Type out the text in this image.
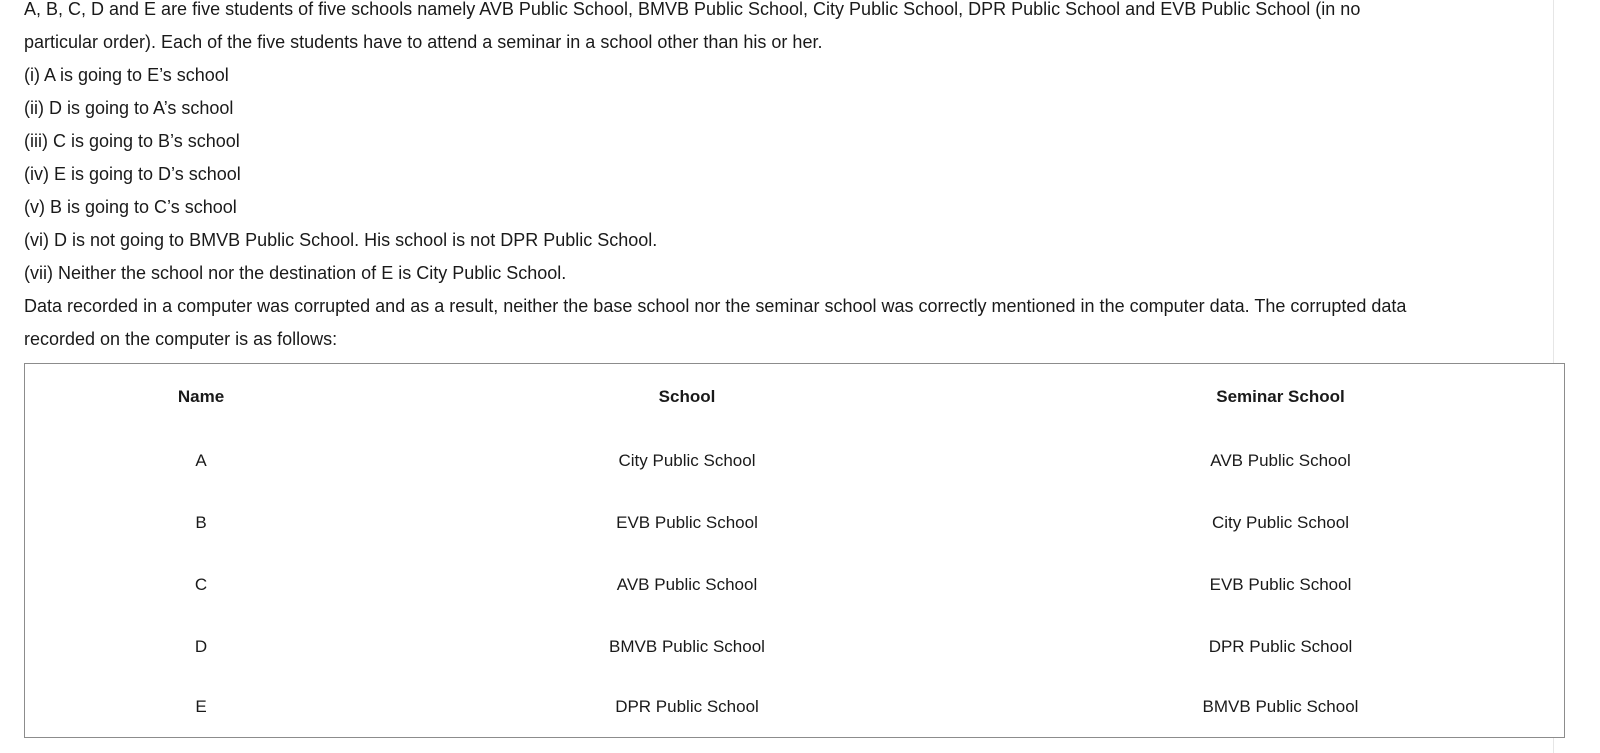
A, B, C, D and E are five students of five schools namely AVB Public School, BMVB Public School, City Public School, DPR Public School and EVB Public School (in no

particular order). Each of the five students have to attend a seminar in a school other than his or her.

(i) A is going to E’s school

(ii) D is going to A’s school

(iii) C is going to B’s school

(iv) E is going to D’s school

(v) B is going to C’s school

(vi) D is not going to BMVB Public School. His school is not DPR Public School.

(vii) Neither the school nor the destination of E is City Public School.

Data recorded in a computer was corrupted and as a result, neither the base school nor the seminar school was correctly mentioned in the computer data. The corrupted data

recorded on the computer is as follows:

Name	School	Seminar School
A	City Public School	AVB Public School
B	EVB Public School	City Public School
C	AVB Public School	EVB Public School
D	BMVB Public School	DPR Public School
E	DPR Public School	BMVB Public School
